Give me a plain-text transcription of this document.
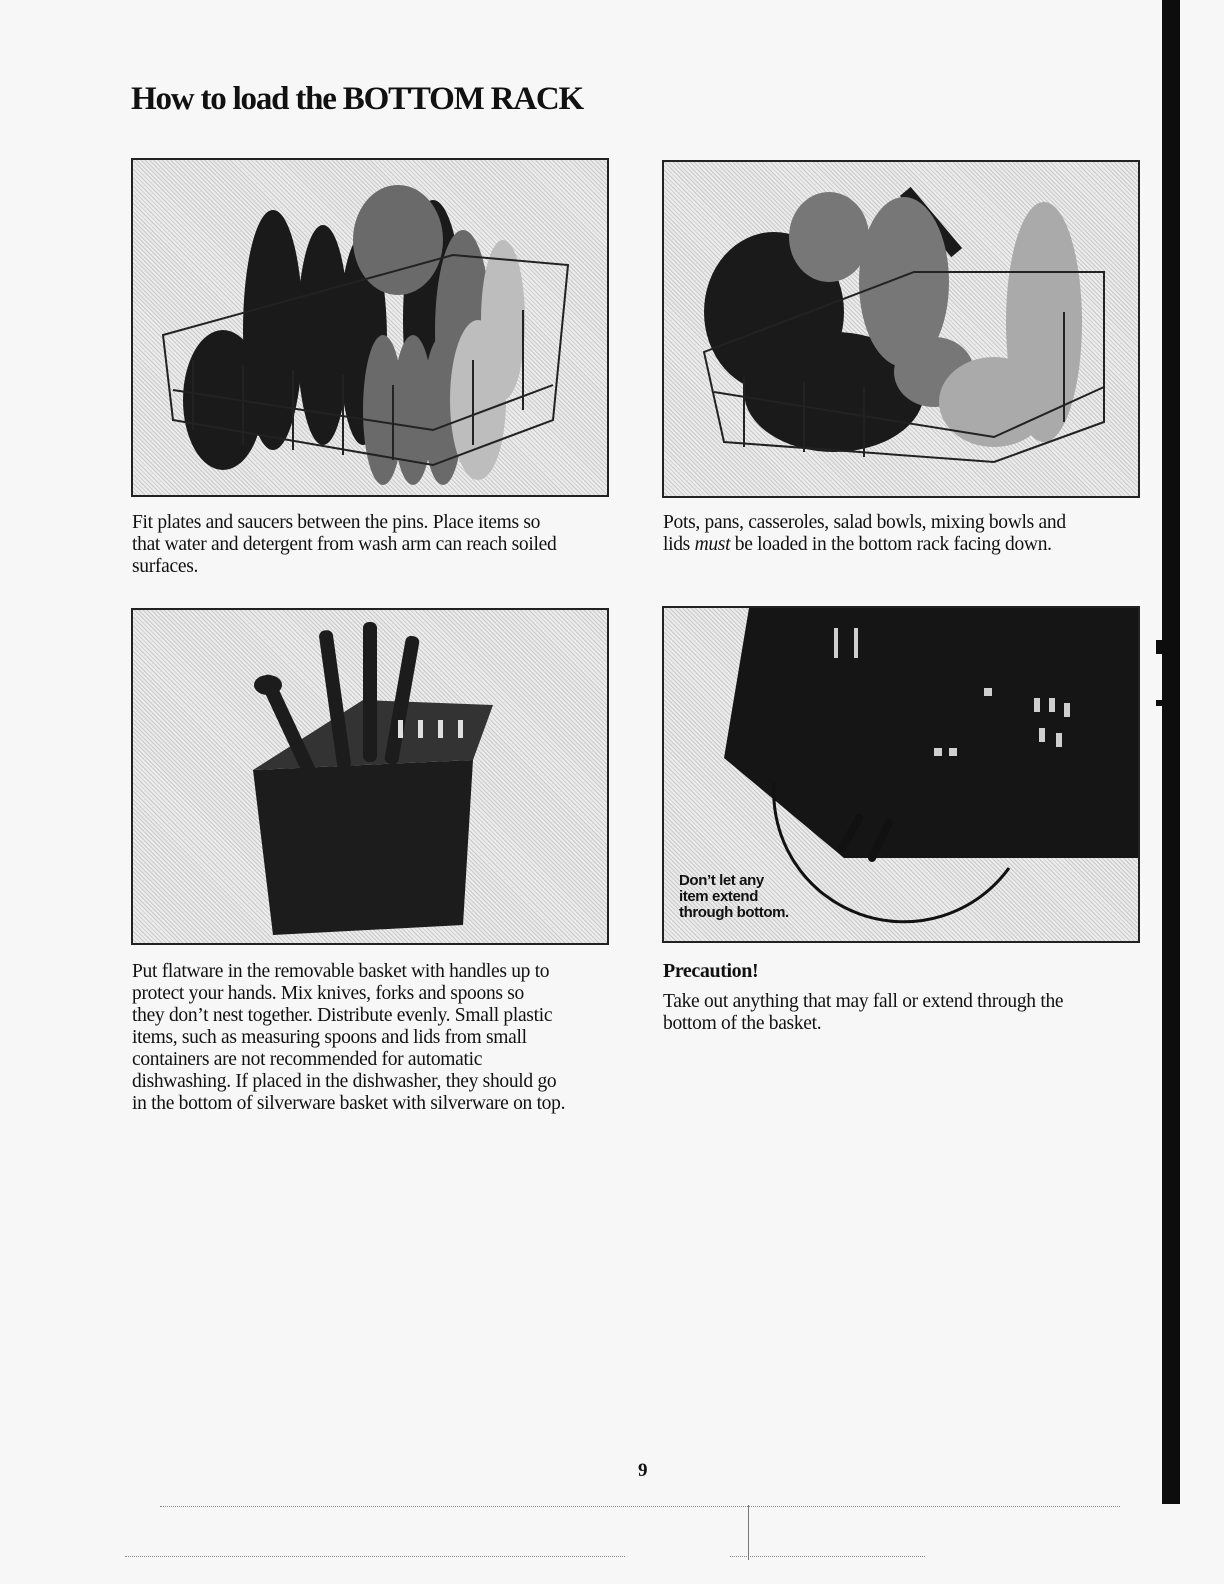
How to load the BOTTOM RACK
Don’t let any
item extend
through bottom.

Fit plates and saucers between the pins. Place items so
that water and detergent from wash arm can reach soiled
surfaces.

Pots, pans, casseroles, salad bowls, mixing bowls and
lids must be loaded in the bottom rack facing down.

Put flatware in the removable basket with handles up to
protect your hands. Mix knives, forks and spoons so
they don’t nest together. Distribute evenly. Small plastic
items, such as measuring spoons and lids from small
containers are not recommended for automatic
dishwashing. If placed in the dishwasher, they should go
in the bottom of silverware basket with silverware on top.

Precaution!

Take out anything that may fall or extend through the
bottom of the basket.

9
